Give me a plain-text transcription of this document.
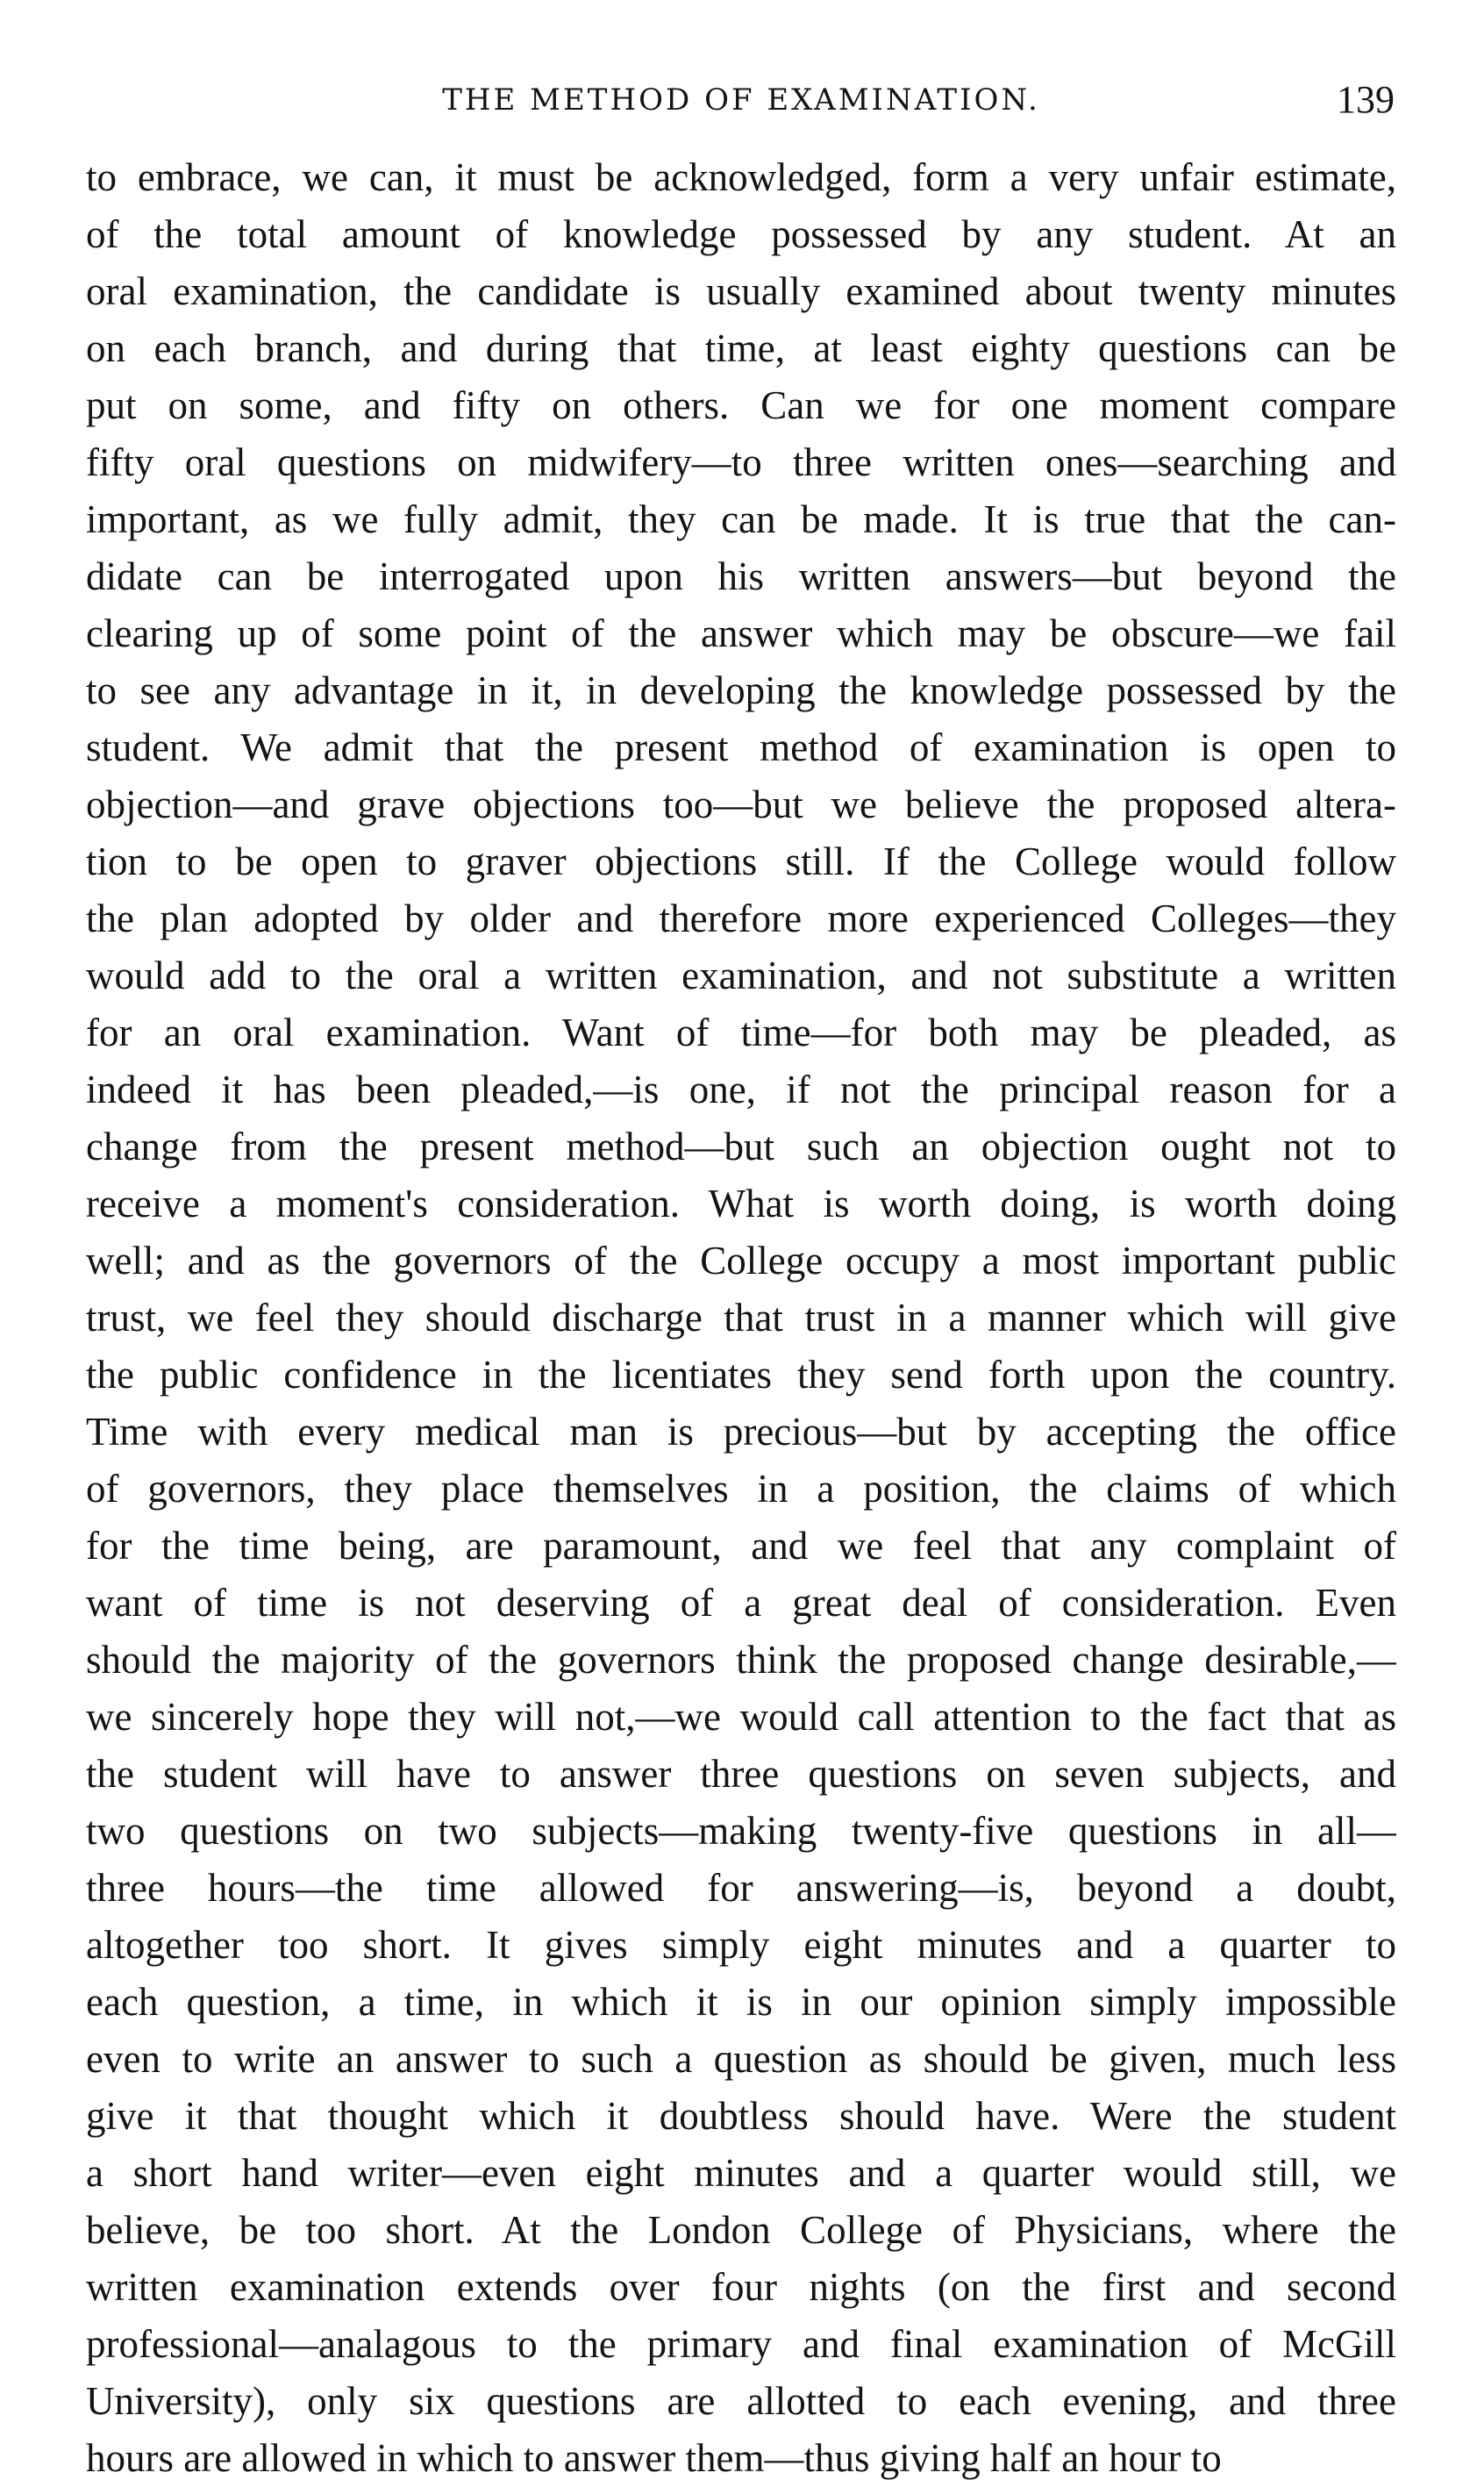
THE METHOD OF EXAMINATION.	139
to embrace, we can, it must be acknowledged, form a very unfair estimate,
of the total amount of knowledge possessed by any student. At an
oral examination, the candidate is usually examined about twenty minutes
on each branch, and during that time, at least eighty questions can be
put on some, and fifty on others. Can we for one moment compare
fifty oral questions on midwifery—to three written ones—searching and
important, as we fully admit, they can be made. It is true that the can-
didate can be interrogated upon his written answers—but beyond the
clearing up of some point of the answer which may be obscure—we fail
to see any advantage in it, in developing the knowledge possessed by the
student. We admit that the present method of examination is open to
objection—and grave objections too—but we believe the proposed altera-
tion to be open to graver objections still. If the College would follow
the plan adopted by older and therefore more experienced Colleges—they
would add to the oral a written examination, and not substitute a written
for an oral examination. Want of time—for both may be pleaded, as
indeed it has been pleaded,—is one, if not the principal reason for a
change from the present method—but such an objection ought not to
receive a moment's consideration. What is worth doing, is worth doing
well; and as the governors of the College occupy a most important public
trust, we feel they should discharge that trust in a manner which will give
the public confidence in the licentiates they send forth upon the country.
Time with every medical man is precious—but by accepting the office
of governors, they place themselves in a position, the claims of which
for the time being, are paramount, and we feel that any complaint of
want of time is not deserving of a great deal of consideration. Even
should the majority of the governors think the proposed change desirable,—
we sincerely hope they will not,—we would call attention to the fact that as
the student will have to answer three questions on seven subjects, and
two questions on two subjects—making twenty-five questions in all—
three hours—the time allowed for answering—is, beyond a doubt,
altogether too short. It gives simply eight minutes and a quarter to
each question, a time, in which it is in our opinion simply impossible
even to write an answer to such a question as should be given, much less
give it that thought which it doubtless should have. Were the student
a short hand writer—even eight minutes and a quarter would still, we
believe, be too short. At the London College of Physicians, where the
written examination extends over four nights (on the first and second
professional—analagous to the primary and final examination of McGill
University), only six questions are allotted to each evening, and three
hours are allowed in which to answer them—thus giving half an hour to
